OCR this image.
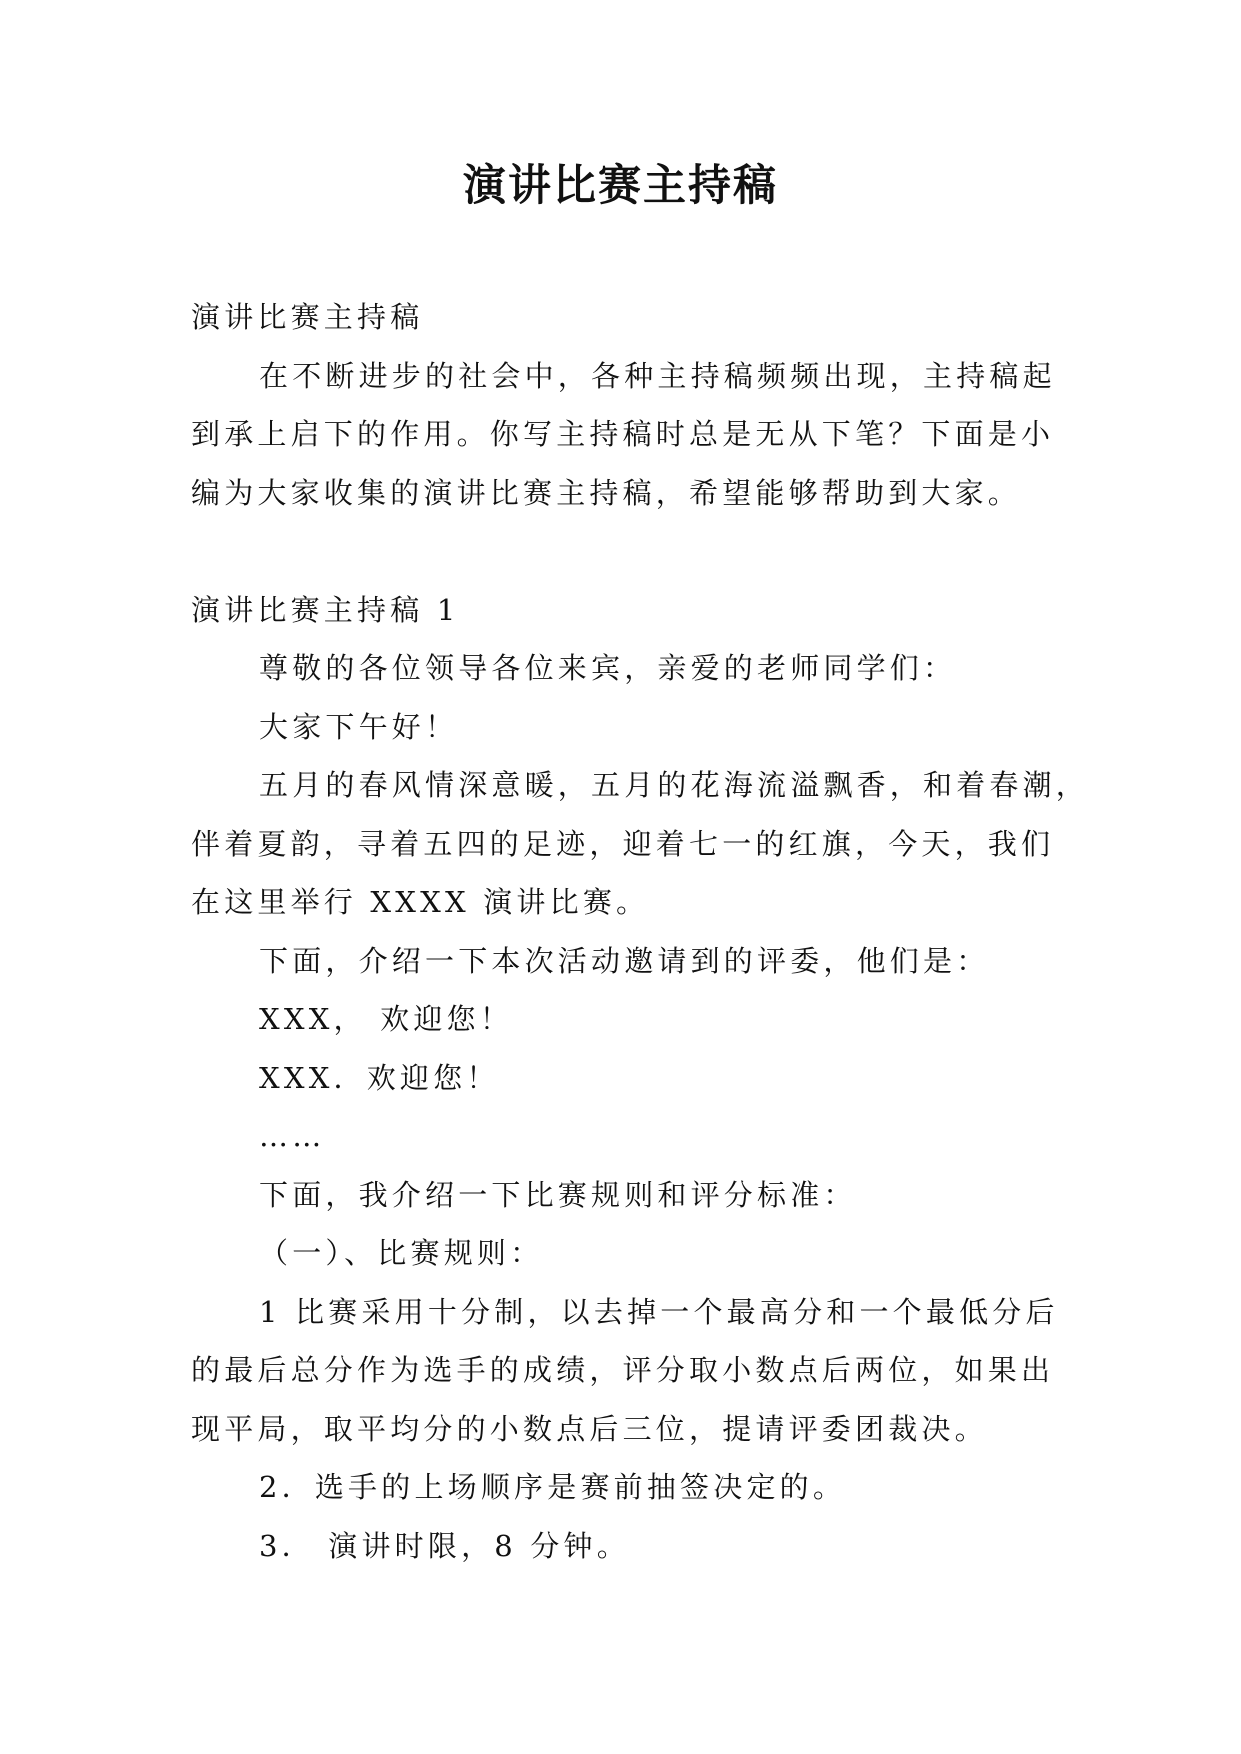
演讲比赛主持稿
演讲比赛主持稿
在不断进步的社会中，各种主持稿频频出现，主持稿起
到承上启下的作用。你写主持稿时总是无从下笔？下面是小
编为大家收集的演讲比赛主持稿，希望能够帮助到大家。
演讲比赛主持稿 1
尊敬的各位领导各位来宾，亲爱的老师同学们：
大家下午好！
五月的春风情深意暖，五月的花海流溢飘香，和着春潮，
伴着夏韵，寻着五四的足迹，迎着七一的红旗，今天，我们
在这里举行 XXXX 演讲比赛。
下面，介绍一下本次活动邀请到的评委，他们是：
XXX， 欢迎您！
XXX．欢迎您！
……
下面，我介绍一下比赛规则和评分标准：
（一）、比赛规则：
1 比赛采用十分制，以去掉一个最高分和一个最低分后
的最后总分作为选手的成绩，评分取小数点后两位，如果出
现平局，取平均分的小数点后三位，提请评委团裁决。
2．选手的上场顺序是赛前抽签决定的。
3． 演讲时限，8 分钟。
